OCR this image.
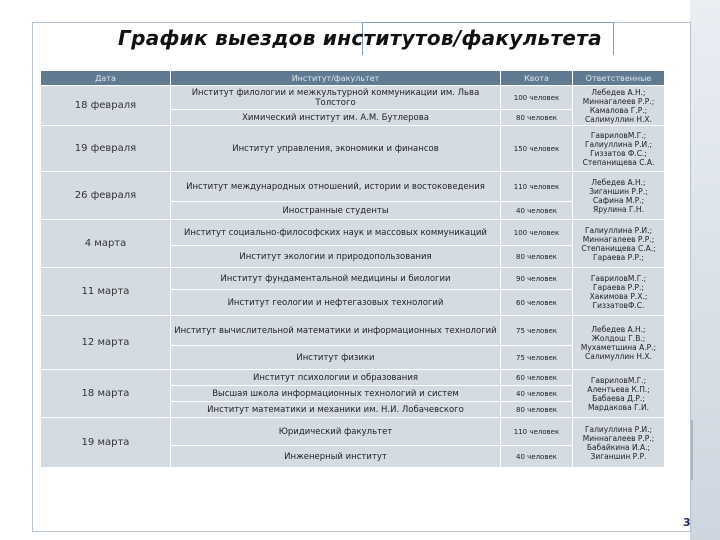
График выездов институтов/факультета
Дата	Институт/факультет	Квота	Ответственные
18 февраля	Институт филологии и межкультурной коммуникации им. Льва Толстого	100 человек	Лебедев А.Н.; Миннагалеев Р.Р.; Камалова Г.Р.; Салимуллин Н.Х.
	Химический институт им. А.М. Бутлерова	80 человек	
19 февраля	Институт управления, экономики и финансов	150 человек	ГавриловМ.Г.; Галиуллина Р.И.; Гиззатов Ф.С.; Степанищева С.А.
26 февраля	Институт международных отношений, истории и востоковедения	110 человек	Лебедев А.Н.; Зиганшин Р.Р.; Сафина М.Р.; Ярулина Г.Н.
	Иностранные студенты	40 человек	
4 марта	Институт социально-философских наук и массовых коммуникаций	100 человек	Галиуллина Р.И.; Миннагалеев Р.Р.; Степанищева С.А.; Гараева Р.Р.;
	Институт экологии и природопользования	80 человек	
11 марта	Институт фундаментальной медицины и биологии	90 человек	ГавриловМ.Г.; Гараева Р.Р.; Хакимова Р.Х.; ГиззатовФ.С.
	Институт геологии и нефтегазовых технологий	60 человек	
12 марта	Институт вычислительной математики и информационных технологий	75 человек	Лебедев А.Н.; Жолдош Г.В.; Мухаметшина А.Р.; Салимуллин Н.Х.
	Институт физики	75 человек	
18 марта	Институт психологии и образования	60 человек	ГавриловМ.Г.; Алентьева К.П.; Бабаева Д.Р.; Мардакова Г.И.
	Высшая школа информационных технологий и систем	40 человек	
	Институт математики и механики им. Н.И. Лобачевского	80 человек	
19 марта	Юридический факультет	110 человек	Галиуллина Р.И.; Миннагалеев Р.Р.; Бабайкина И.А.; Зиганшин Р.Р.
	Инженерный институт	40 человек	
3
